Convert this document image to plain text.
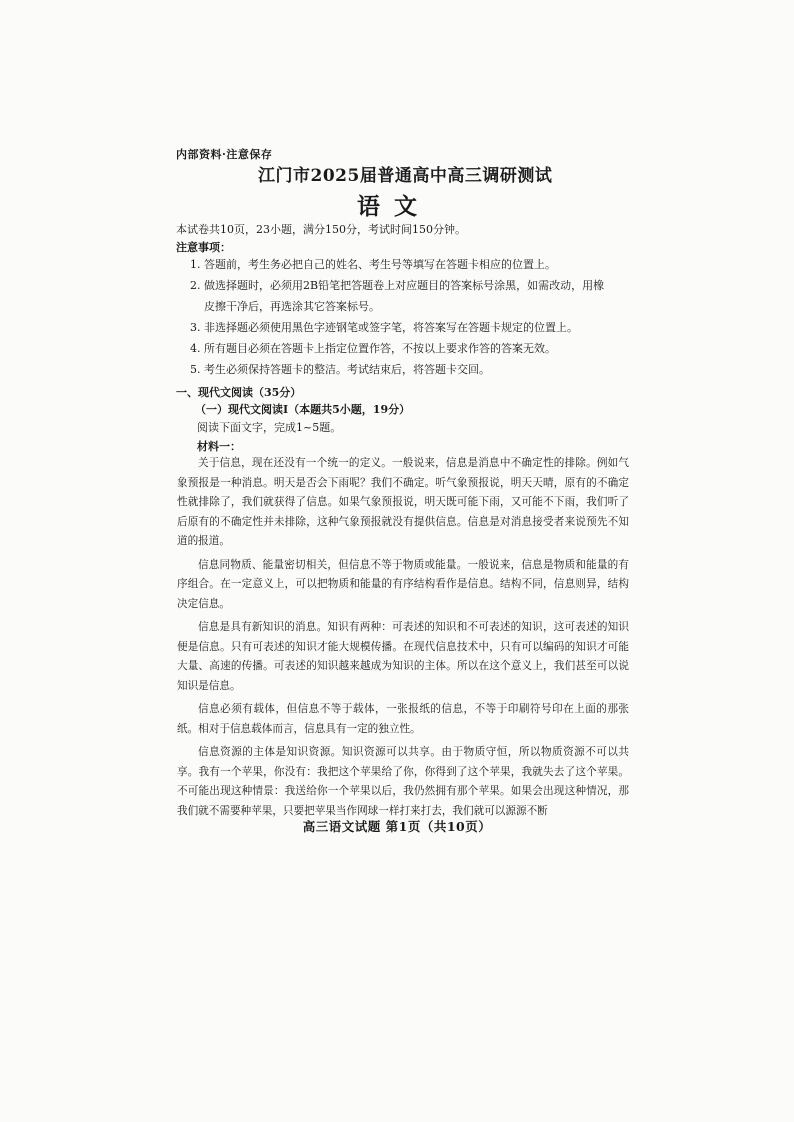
内部资料·注意保存
江门市2025届普通高中高三调研测试
语文
本试卷共10页，23小题，满分150分，考试时间150分钟。
注意事项：
1. 答题前，考生务必把自己的姓名、考生号等填写在答题卡相应的位置上。
2. 做选择题时，必须用2B铅笔把答题卷上对应题目的答案标号涂黑，如需改动，用橡
皮擦干净后，再选涂其它答案标号。
3. 非选择题必须使用黑色字迹钢笔或签字笔，将答案写在答题卡规定的位置上。
4. 所有题目必须在答题卡上指定位置作答，不按以上要求作答的答案无效。
5. 考生必须保持答题卡的整洁。考试结束后，将答题卡交回。
一、现代文阅读（35分）
（一）现代文阅读Ⅰ（本题共5小题，19分）
阅读下面文字，完成1~5题。
材料一：

关于信息，现在还没有一个统一的定义。一般说来，信息是消息中不确定性的排除。例如气象预报是一种消息。明天是否会下雨呢？我们不确定。听气象预报说，明天天晴，原有的不确定性就排除了，我们就获得了信息。如果气象预报说，明天既可能下雨，又可能不下雨，我们听了后原有的不确定性并未排除，这种气象预报就没有提供信息。信息是对消息接受者来说预先不知道的报道。

信息同物质、能量密切相关，但信息不等于物质或能量。一般说来，信息是物质和能量的有序组合。在一定意义上，可以把物质和能量的有序结构看作是信息。结构不同，信息则异，结构决定信息。

信息是具有新知识的消息。知识有两种：可表述的知识和不可表述的知识，这可表述的知识便是信息。只有可表述的知识才能大规模传播。在现代信息技术中，只有可以编码的知识才可能大量、高速的传播。可表述的知识越来越成为知识的主体。所以在这个意义上，我们甚至可以说知识是信息。

信息必须有载体，但信息不等于载体，一张报纸的信息，不等于印刷符号印在上面的那张纸。相对于信息载体而言，信息具有一定的独立性。

信息资源的主体是知识资源。知识资源可以共享。由于物质守恒，所以物质资源不可以共享。我有一个苹果，你没有：我把这个苹果给了你，你得到了这个苹果，我就失去了这个苹果。不可能出现这种情景：我送给你一个苹果以后，我仍然拥有那个苹果。如果会出现这种情况，那我们就不需要种苹果，只要把苹果当作网球一样打来打去，我们就可以源源不断

高三语文试题 第1页（共10页）
